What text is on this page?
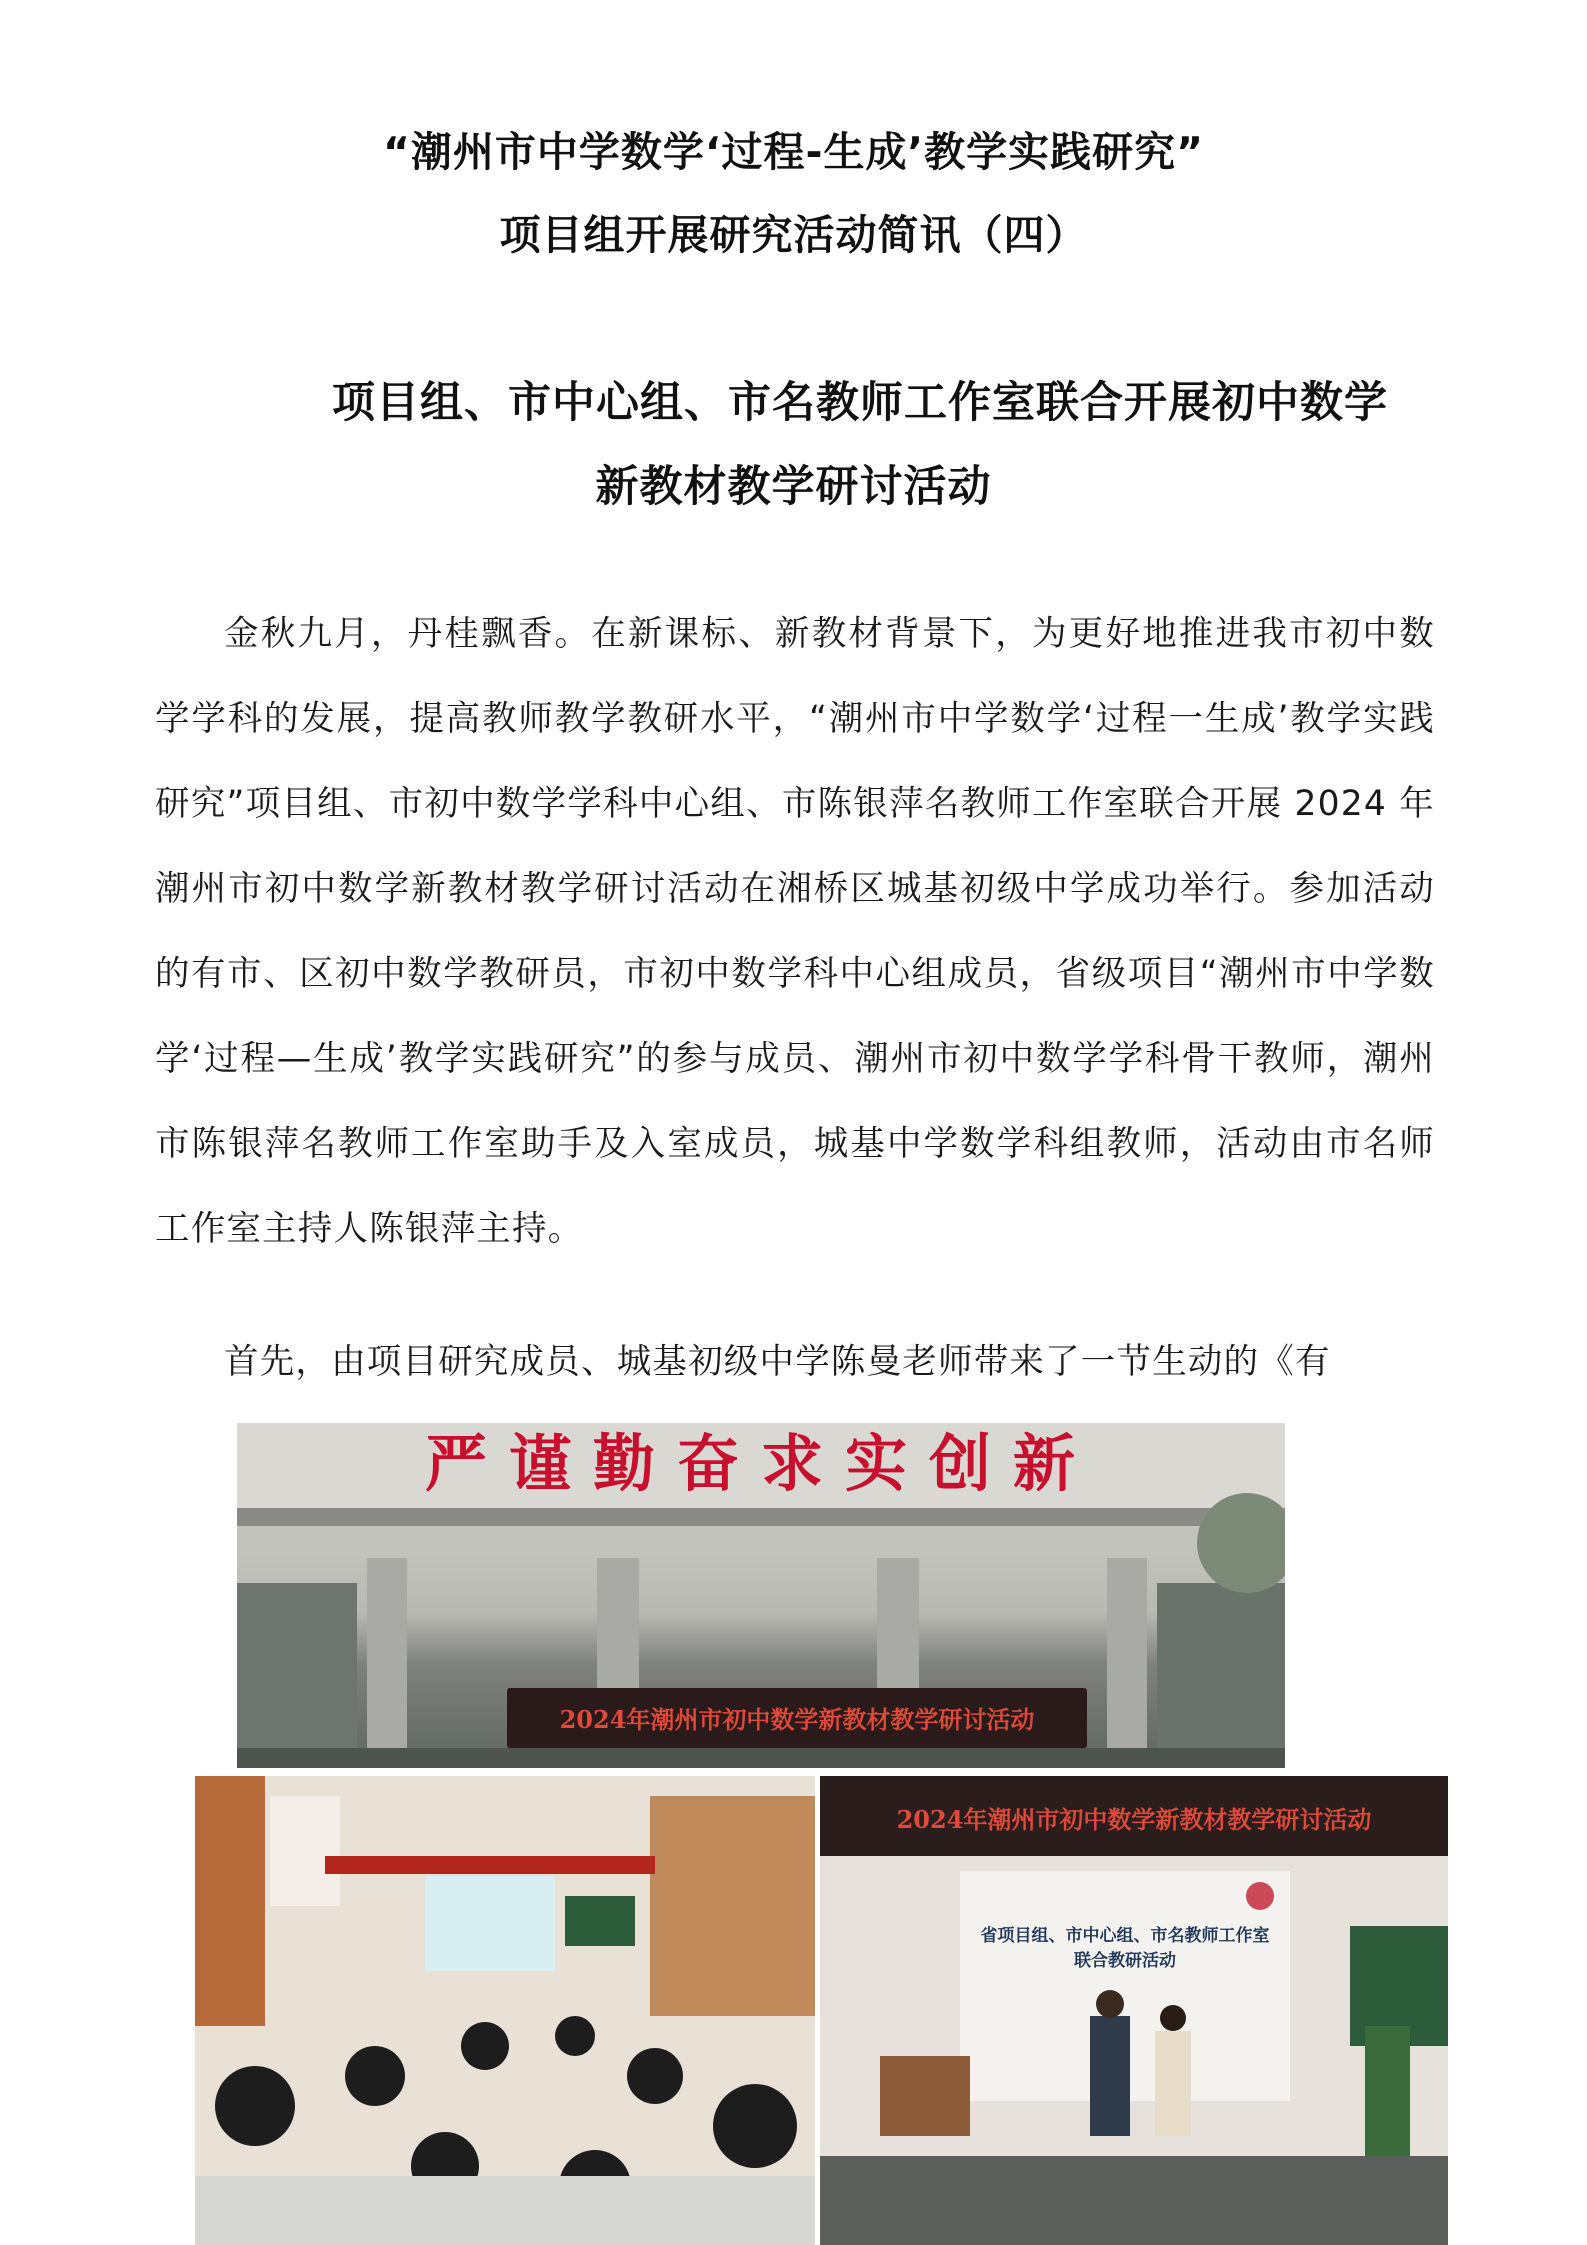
“潮州市中学数学‘过程-生成’教学实践研究”
项目组开展研究活动简讯（四）
项目组、市中心组、市名教师工作室联合开展初中数学
新教材教学研讨活动

金秋九月，丹桂飘香。在新课标、新教材背景下，为更好地推进我市初中数学学科的发展，提高教师教学教研水平，“潮州市中学数学‘过程一生成’教学实践研究”项目组、市初中数学学科中心组、市陈银萍名教师工作室联合开展 2024 年潮州市初中数学新教材教学研讨活动在湘桥区城基初级中学成功举行。参加活动的有市、区初中数学教研员，市初中数学科中心组成员，省级项目“潮州市中学数学‘过程—生成’教学实践研究”的参与成员、潮州市初中数学学科骨干教师，潮州市陈银萍名教师工作室助手及入室成员，城基中学数学科组教师，活动由市名师工作室主持人陈银萍主持。

首先，由项目研究成员、城基初级中学陈曼老师带来了一节生动的《有

严谨勤奋求实创新
2024年潮州市初中数学新教材教学研讨活动
2024年潮州市初中数学新教材教学研讨活动
省项目组、市中心组、市名教师工作室
联合教研活动
